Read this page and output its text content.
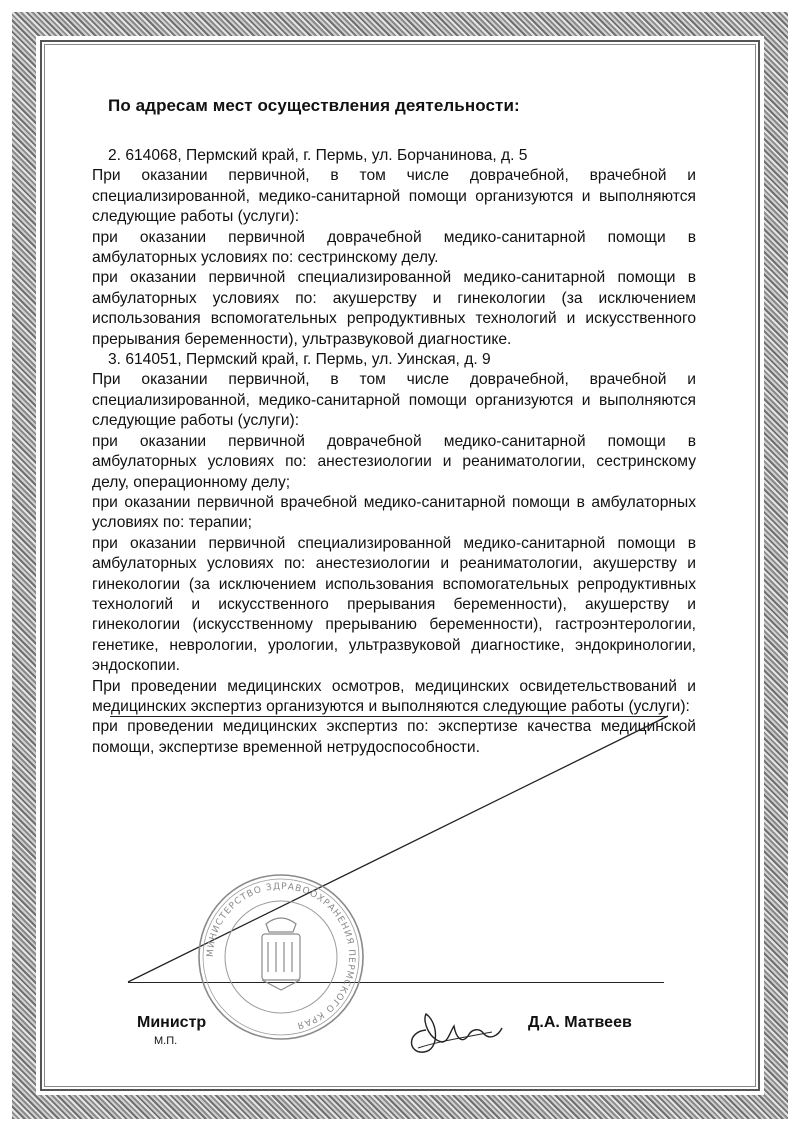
По адресам мест осуществления деятельности:

2. 614068, Пермский край, г. Пермь, ул. Борчанинова, д. 5

При оказании первичной, в том числе доврачебной, врачебной и специализированной, медико-санитарной помощи организуются и выполняются следующие работы (услуги):

при оказании первичной доврачебной медико-санитарной помощи в амбулаторных условиях по: сестринскому делу.

при оказании первичной специализированной медико-санитарной помощи в амбулаторных условиях по: акушерству и гинекологии (за исключением использования вспомогательных репродуктивных технологий и искусственного прерывания беременности), ультразвуковой диагностике.

3. 614051, Пермский край, г. Пермь, ул. Уинская, д. 9

При оказании первичной, в том числе доврачебной, врачебной и специализированной, медико-санитарной помощи организуются и выполняются следующие работы (услуги):

при оказании первичной доврачебной медико-санитарной помощи в амбулаторных условиях по: анестезиологии и реаниматологии, сестринскому делу, операционному делу;

при оказании первичной врачебной медико-санитарной помощи в амбулаторных условиях по: терапии;

при оказании первичной специализированной медико-санитарной помощи в амбулаторных условиях по: анестезиологии и реаниматологии, акушерству и гинекологии (за исключением использования вспомогательных репродуктивных технологий и искусственного прерывания беременности), акушерству и гинекологии (искусственному прерыванию беременности), гастроэнтерологии, генетике, неврологии, урологии, ультразвуковой диагностике, эндокринологии, эндоскопии.

При проведении медицинских осмотров, медицинских освидетельствований и медицинских экспертиз организуются и выполняются следующие работы (услуги):

при проведении медицинских экспертиз по: экспертизе качества медицинской помощи, экспертизе временной нетрудоспособности.

МИНИСТЕРСТВО ЗДРАВООХРАНЕНИЯ ПЕРМСКОГО КРАЯ
Министр
М.П.
Д.А. Матвеев
